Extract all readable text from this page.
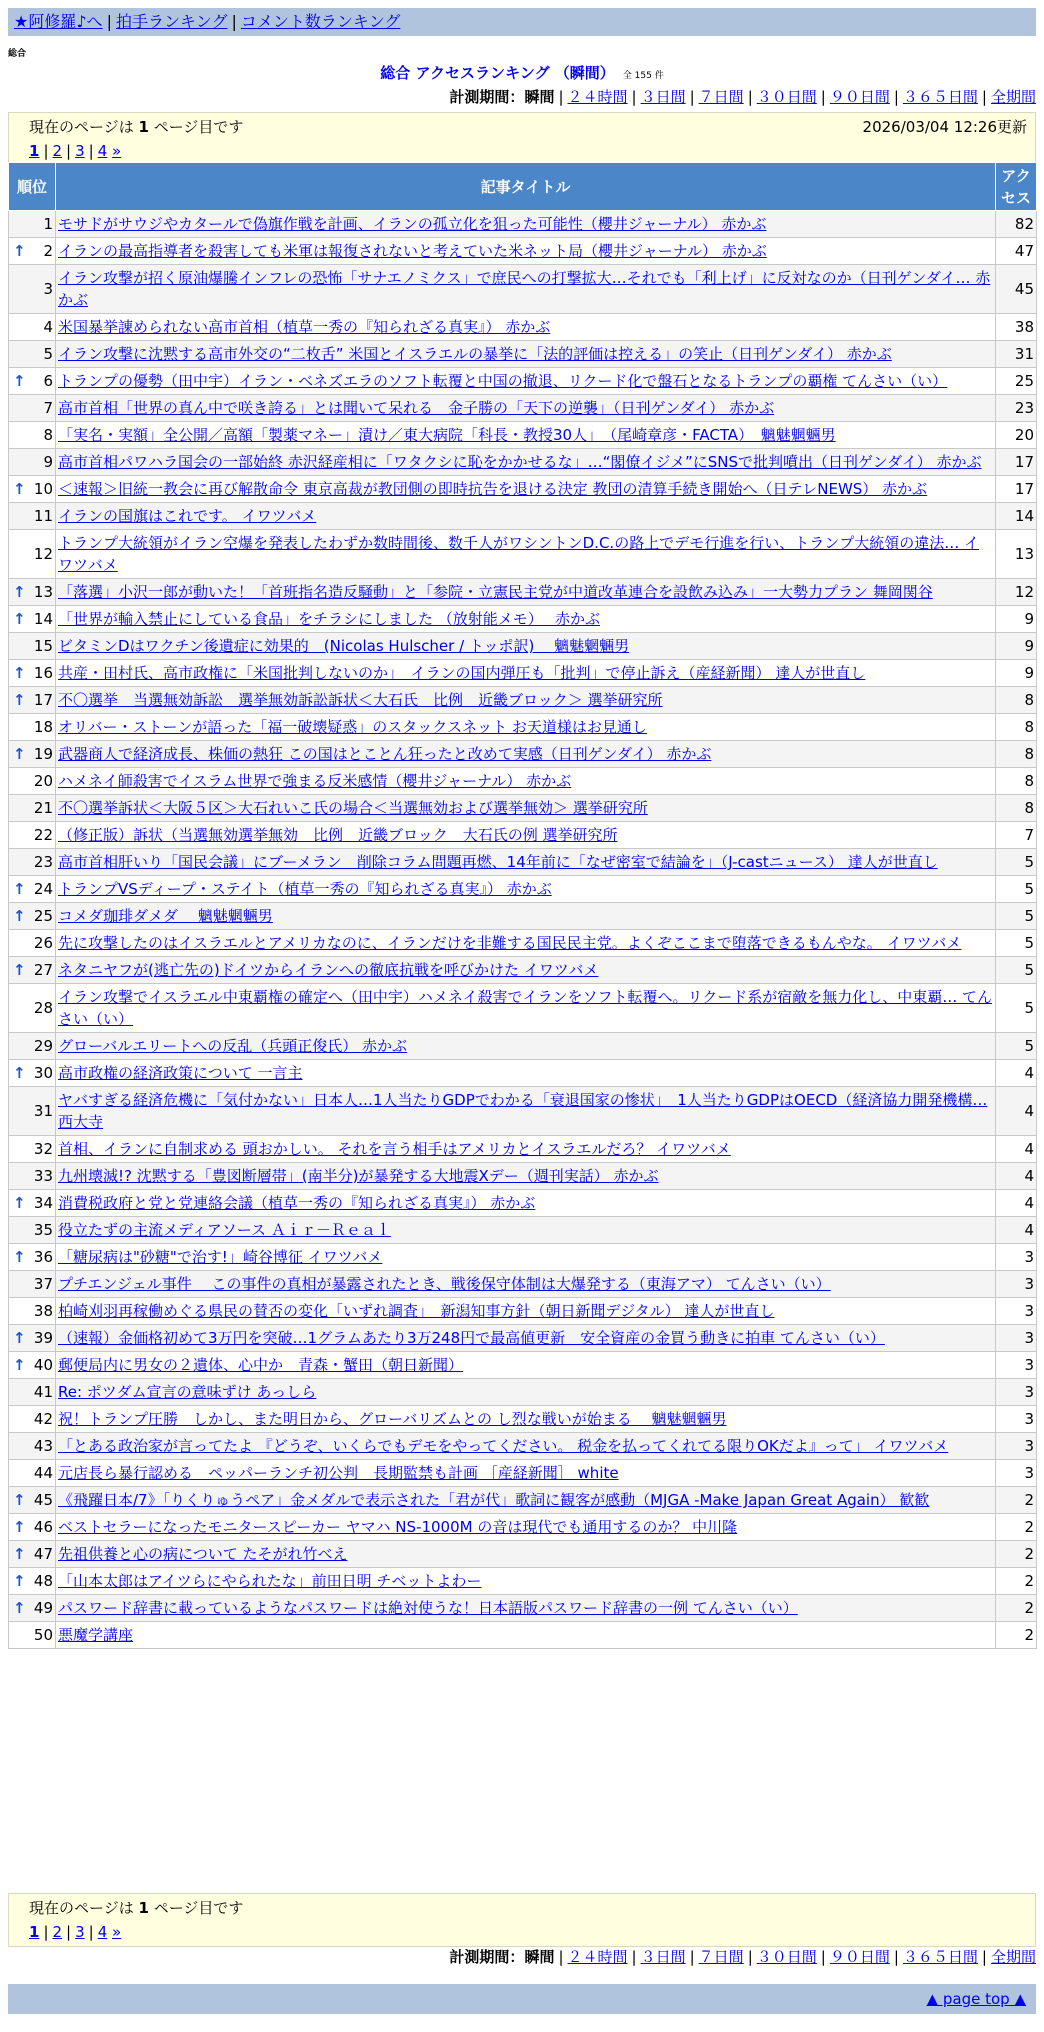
★阿修羅♪へ | 拍手ランキング | コメント数ランキング
総合
総合 アクセスランキング （瞬間） 全 155 件
計測期間：瞬間 | ２４時間 | ３日間 | ７日間 | ３０日間 | ９０日間 | ３６５日間 | 全期間
現在のページは 1 ページ目です	2026/03/04 12:26更新
1 | 2 | 3 | 4 »
順位	記事タイトル	アクセス
1	モサドがサウジやカタールで偽旗作戦を計画、イランの孤立化を狙った可能性（櫻井ジャーナル） 赤かぶ	82

↑ 2	イランの最高指導者を殺害しても米軍は報復されないと考えていた米ネット局（櫻井ジャーナル） 赤かぶ	47
3	イラン攻撃が招く原油爆騰インフレの恐怖「サナエノミクス」で庶民への打撃拡大…それでも「利上げ」に反対なのか（日刊ゲンダイ… 赤かぶ	45
4	米国暴挙諌められない高市首相（植草一秀の『知られざる真実』） 赤かぶ	38
5	イラン攻撃に沈黙する高市外交の“二枚舌” 米国とイスラエルの暴挙に「法的評価は控える」の笑止（日刊ゲンダイ） 赤かぶ	31

↑ 6	トランプの優勢（田中宇）イラン・ベネズエラのソフト転覆と中国の撤退、リクード化で盤石となるトランプの覇権 てんさい（い）	25
7	高市首相「世界の真ん中で咲き誇る」とは聞いて呆れる　金子勝の「天下の逆襲」（日刊ゲンダイ） 赤かぶ	23
8	「実名・実額」全公開／高額「製薬マネー」漬け／東大病院「科長・教授30人」　（尾崎章彦・FACTA）　魑魅魍魎男	20
9	高市首相パワハラ国会の一部始終 赤沢経産相に「ワタクシに恥をかかせるな」…“閣僚イジメ”にSNSで批判噴出（日刊ゲンダイ） 赤かぶ	17

↑ 10	＜速報＞旧統一教会に再び解散命令 東京高裁が教団側の即時抗告を退ける決定 教団の清算手続き開始へ（日テレNEWS） 赤かぶ	17
11	イランの国旗はこれです。 イワツバメ	14
12	トランプ大統領がイラン空爆を発表したわずか数時間後、数千人がワシントンD.C.の路上でデモ行進を行い、トランプ大統領の違法… イワツバメ	13

↑ 13	「落選」小沢一郎が動いた！「首班指名造反騒動」と「参院・立憲民主党が中道改革連合を設飲み込み」一大勢力プラン 舞岡関谷	12

↑ 14	「世界が輸入禁止にしている食品」をチラシにしました （放射能メモ）　 赤かぶ	9
15	ビタミンDはワクチン後遺症に効果的　(Nicolas Hulscher / トッポ訳)　 魑魅魍魎男	9

↑ 16	共産・田村氏、高市政権に「米国批判しないのか」　イランの国内弾圧も「批判」で停止訴え（産経新聞） 達人が世直し	9

↑ 17	不〇選挙　当選無効訴訟　選挙無効訴訟訴状＜大石氏　比例　近畿ブロック＞ 選挙研究所	8
18	オリバー・ストーンが語った「福一破壊疑惑」のスタックスネット お天道様はお見通し	8

↑ 19	武器商人で経済成長、株価の熱狂 この国はとことん狂ったと改めて実感（日刊ゲンダイ） 赤かぶ	8
20	ハメネイ師殺害でイスラム世界で強まる反米感情（櫻井ジャーナル） 赤かぶ	8
21	不〇選挙訴状＜大阪５区＞大石れいこ氏の場合＜当選無効および選挙無効＞ 選挙研究所	8
22	（修正版）訴状（当選無効選挙無効　比例　近畿ブロック　大石氏の例 選挙研究所	7
23	高市首相肝いり「国民会議」にブーメラン　削除コラム問題再燃、14年前に「なぜ密室で結論を」（J-castニュース） 達人が世直し	5

↑ 24	トランプVSディープ・ステイト（植草一秀の『知られざる真実』） 赤かぶ	5

↑ 25	コメダ珈琲ダメダ　 魑魅魍魎男	5
26	先に攻撃したのはイスラエルとアメリカなのに、イランだけを非難する国民民主党。よくぞここまで堕落できるもんやな。 イワツバメ	5

↑ 27	ネタニヤフが(逃亡先の)ドイツからイランへの徹底抗戦を呼びかけた イワツバメ	5
28	イラン攻撃でイスラエル中東覇権の確定へ（田中宇）ハメネイ殺害でイランをソフト転覆へ。リクード系が宿敵を無力化し、中東覇… てんさい（い）	5
29	グローバルエリートへの反乱（兵頭正俊氏） 赤かぶ	5

↑ 30	高市政権の経済政策について 一言主	4
31	ヤバすぎる経済危機に「気付かない」日本人…1人当たりGDPでわかる「衰退国家の惨状」　1人当たりGDPはOECD（経済協力開発機構… 西大寺	4
32	首相、イランに自制求める 頭おかしい。 それを言う相手はアメリカとイスラエルだろ？ イワツバメ	4
33	九州壊滅!? 沈黙する「豊図断層帯」(南半分)が暴発する大地震Xデー（週刊実話） 赤かぶ	4

↑ 34	消費税政府と党と党連絡会議（植草一秀の『知られざる真実』） 赤かぶ	4
35	役立たずの主流メディアソース Ａｉｒ－Ｒｅａｌ	4

↑ 36	「糖尿病は"砂糖"で治す!」崎谷博征 イワツバメ	3
37	プチエンジェル事件　 この事件の真相が暴露されたとき、戦後保守体制は大爆発する（東海アマ） てんさい（い）	3
38	柏崎刈羽再稼働めぐる県民の賛否の変化「いずれ調査」　新潟知事方針（朝日新聞デジタル） 達人が世直し	3

↑ 39	（速報）金価格初めて3万円を突破…1グラムあたり3万248円で最高値更新　安全資産の金買う動きに拍車 てんさい（い）	3

↑ 40	郵便局内に男女の２遺体、心中か　青森・蟹田（朝日新聞）	3
41	Re: ポツダム宣言の意味ずけ あっしら	3
42	祝！トランプ圧勝　しかし、また明日から、グローバリズムとの し烈な戦いが始まる　 魑魅魍魎男	3
43	「とある政治家が言ってたよ 『どうぞ、いくらでもデモをやってください。 税金を払ってくれてる限りOKだよ』って」 イワツバメ	3
44	元店長ら暴行認める　ペッパーランチ初公判　長期監禁も計画 ［産経新聞］ white	3

↑ 45	《飛躍日本/7》「りくりゅうペア」金メダルで表示された「君が代」歌詞に観客が感動（MJGA -Make Japan Great Again） 歓歓	2

↑ 46	ベストセラーになったモニタースピーカー ヤマハ NS-1000M の音は現代でも通用するのか？ 中川隆	2

↑ 47	先祖供養と心の病について たそがれ竹べえ	2

↑ 48	「山本太郎はアイツらにやられたな」前田日明 チベットよわー	2

↑ 49	パスワード辞書に載っているようなパスワードは絶対使うな！日本語版パスワード辞書の一例 てんさい（い）	2
50	悪魔学講座	2
現在のページは 1 ページ目です
1 | 2 | 3 | 4 »
計測期間：瞬間 | ２４時間 | ３日間 | ７日間 | ３０日間 | ９０日間 | ３６５日間 | 全期間
▲ page top ▲
